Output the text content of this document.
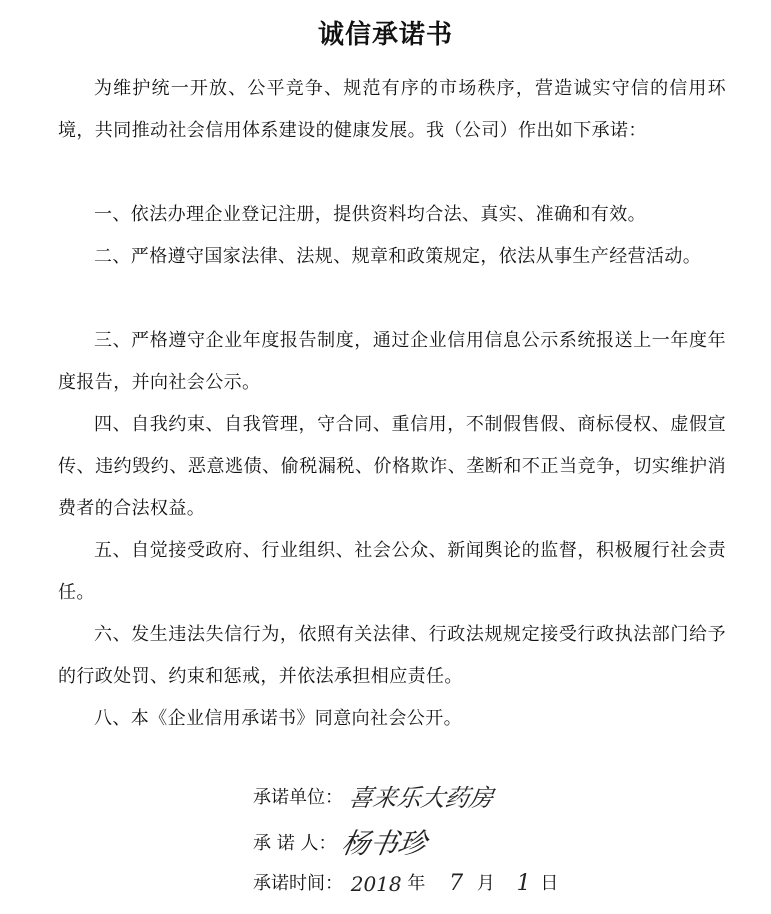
诚信承诺书

为维护统一开放、公平竞争、规范有序的市场秩序，营造诚实守信的信用环境，共同推动社会信用体系建设的健康发展。我（公司）作出如下承诺：

一、依法办理企业登记注册，提供资料均合法、真实、准确和有效。

二、严格遵守国家法律、法规、规章和政策规定，依法从事生产经营活动。

三、严格遵守企业年度报告制度，通过企业信用信息公示系统报送上一年度年度报告，并向社会公示。

四、自我约束、自我管理，守合同、重信用，不制假售假、商标侵权、虚假宣传、违约毁约、恶意逃债、偷税漏税、价格欺诈、垄断和不正当竞争，切实维护消费者的合法权益。

五、自觉接受政府、行业组织、社会公众、新闻舆论的监督，积极履行社会责任。

六、发生违法失信行为，依照有关法律、行政法规规定接受行政执法部门给予的行政处罚、约束和惩戒，并依法承担相应责任。

八、本《企业信用承诺书》同意向社会公开。

承诺单位： 喜来乐大药房
承 诺 人： 杨书珍
承诺时间： 2018 年 7 月 1 日
